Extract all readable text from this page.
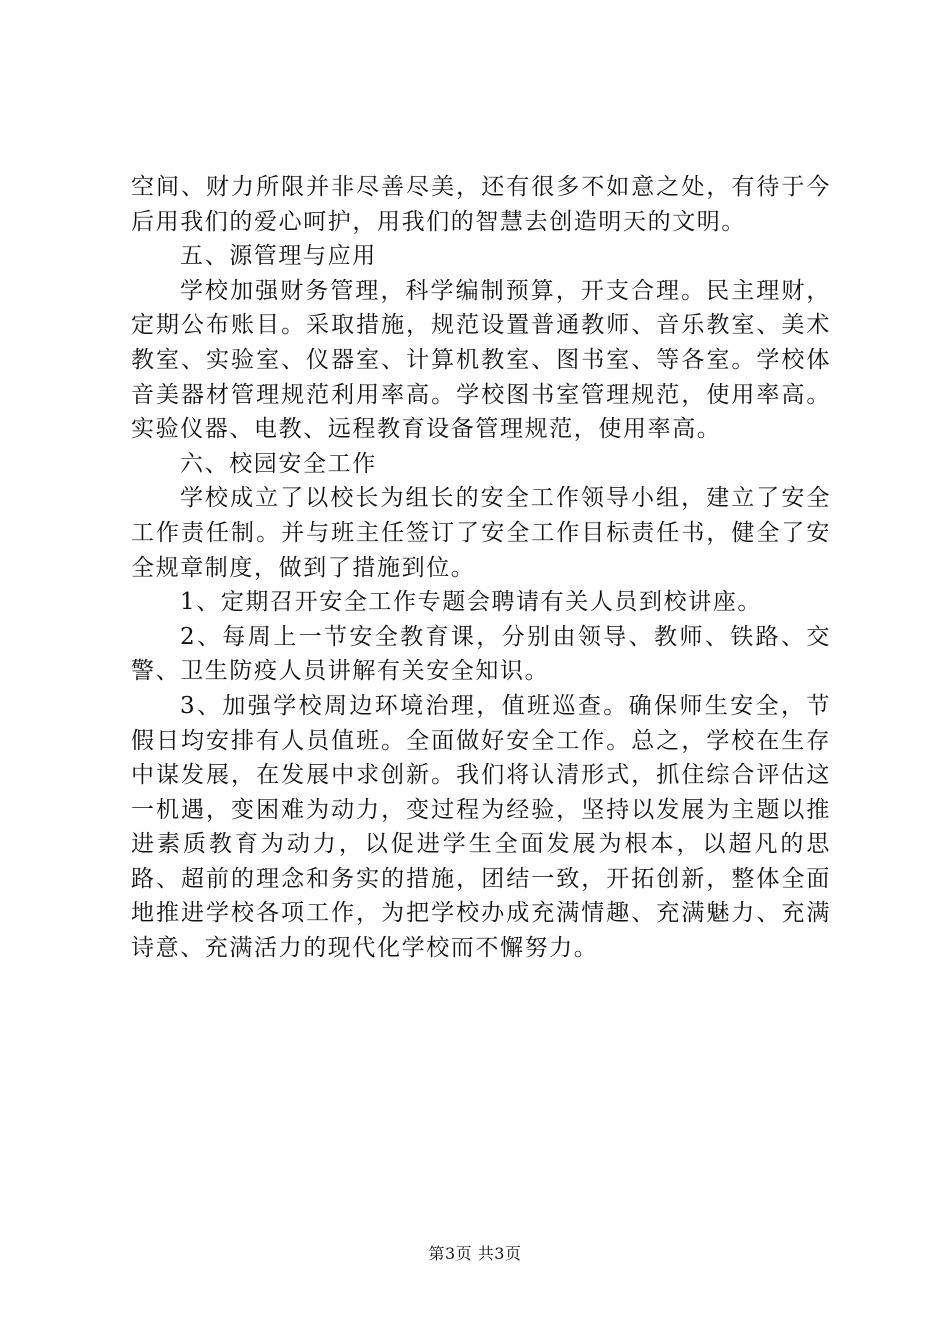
空间、财力所限并非尽善尽美，还有很多不如意之处，有待于今后用我们的爱心呵护，用我们的智慧去创造明天的文明。

五、源管理与应用

学校加强财务管理，科学编制预算，开支合理。民主理财，定期公布账目。采取措施，规范设置普通教师、音乐教室、美术教室、实验室、仪器室、计算机教室、图书室、等各室。学校体音美器材管理规范利用率高。学校图书室管理规范，使用率高。实验仪器、电教、远程教育设备管理规范，使用率高。

六、校园安全工作

学校成立了以校长为组长的安全工作领导小组，建立了安全工作责任制。并与班主任签订了安全工作目标责任书，健全了安全规章制度，做到了措施到位。

1、定期召开安全工作专题会聘请有关人员到校讲座。

2、每周上一节安全教育课，分别由领导、教师、铁路、交警、卫生防疫人员讲解有关安全知识。

3、加强学校周边环境治理，值班巡查。确保师生安全，节假日均安排有人员值班。全面做好安全工作。总之，学校在生存中谋发展，在发展中求创新。我们将认清形式，抓住综合评估这一机遇，变困难为动力，变过程为经验，坚持以发展为主题以推进素质教育为动力，以促进学生全面发展为根本，以超凡的思路、超前的理念和务实的措施，团结一致，开拓创新，整体全面地推进学校各项工作，为把学校办成充满情趣、充满魅力、充满诗意、充满活力的现代化学校而不懈努力。

第3页 共3页
